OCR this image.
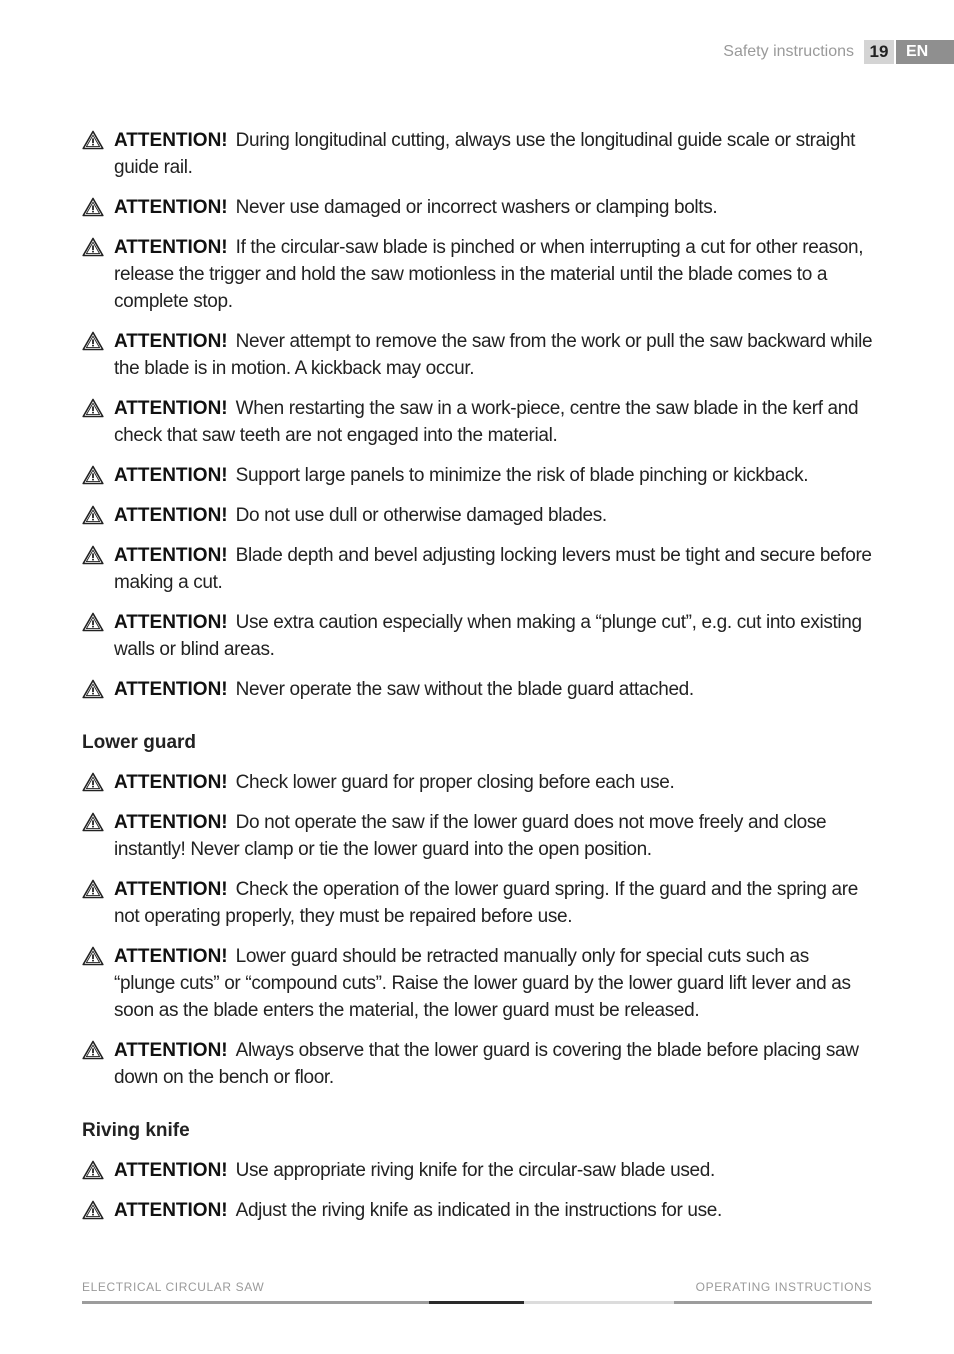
Safety instructions 19	EN
ATTENTION! During longitudinal cutting, always use the longitudinal guide scale or straight guide rail.
ATTENTION! Never use damaged or incorrect washers or clamping bolts.
ATTENTION! If the circular-saw blade is pinched or when interrupting a cut for other reason, release the trigger and hold the saw motionless in the material until the blade comes to a complete stop.
ATTENTION! Never attempt to remove the saw from the work or pull the saw backward while the blade is in motion. A kickback may occur.
ATTENTION! When restarting the saw in a work-piece, centre the saw blade in the kerf and check that saw teeth are not engaged into the material.
ATTENTION! Support large panels to minimize the risk of blade pinching or kickback.
ATTENTION! Do not use dull or otherwise damaged blades.
ATTENTION! Blade depth and bevel adjusting locking levers must be tight and secure before making a cut.
ATTENTION! Use extra caution especially when making a “plunge cut”, e.g. cut into existing walls or blind areas.
ATTENTION! Never operate the saw without the blade guard attached.
Lower guard
ATTENTION! Check lower guard for proper closing before each use.
ATTENTION! Do not operate the saw if the lower guard does not move freely and close instantly! Never clamp or tie the lower guard into the open position.
ATTENTION! Check the operation of the lower guard spring. If the guard and the spring are not operating properly, they must be repaired before use.
ATTENTION! Lower guard should be retracted manually only for special cuts such as “plunge cuts” or “compound cuts”. Raise the lower guard by the lower guard lift lever and as soon as the blade enters the material, the lower guard must be released.
ATTENTION! Always observe that the lower guard is covering the blade before placing saw down on the bench or floor.
Riving knife
ATTENTION! Use appropriate riving knife for the circular-saw blade used.
ATTENTION! Adjust the riving knife as indicated in the instructions for use.
ELECTRICAL CIRCULAR SAW	OPERATING INSTRUCTIONS
